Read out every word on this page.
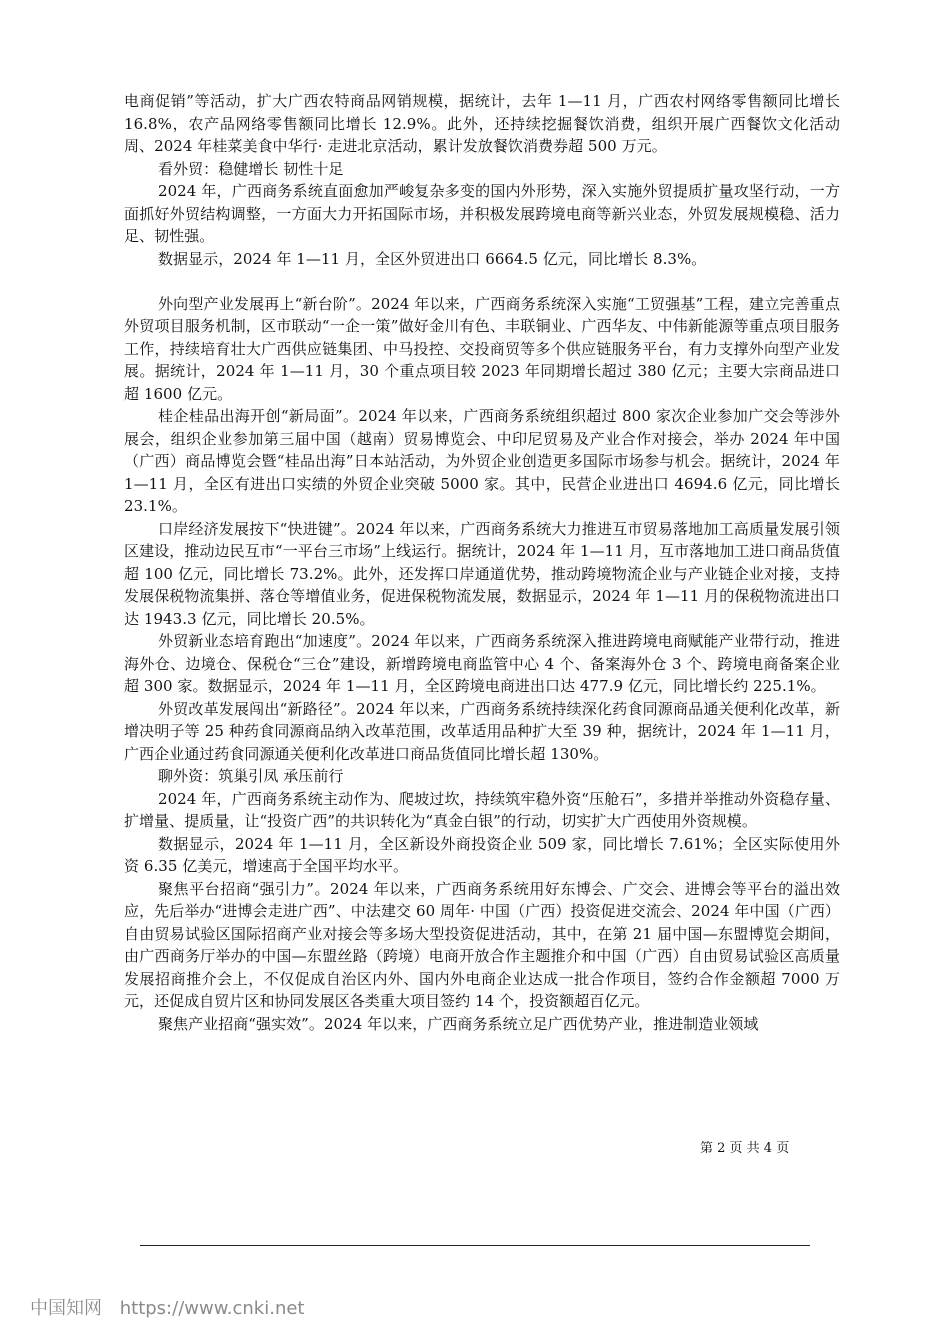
电商促销”等活动，扩大广西农特商品网销规模，据统计，去年 1—11 月，广西农村网络零售额同比增长 16.8%，农产品网络零售额同比增长 12.9%。此外，还持续挖掘餐饮消费，组织开展广西餐饮文化活动周、2024 年桂菜美食中华行· 走进北京活动，累计发放餐饮消费券超 500 万元。

看外贸：稳健增长 韧性十足

2024 年，广西商务系统直面愈加严峻复杂多变的国内外形势，深入实施外贸提质扩量攻坚行动，一方面抓好外贸结构调整，一方面大力开拓国际市场，并积极发展跨境电商等新兴业态，外贸发展规模稳、活力足、韧性强。

数据显示，2024 年 1—11 月，全区外贸进出口 6664.5 亿元，同比增长 8.3%。

外向型产业发展再上“新台阶”。2024 年以来，广西商务系统深入实施“工贸强基”工程，建立完善重点外贸项目服务机制，区市联动“一企一策”做好金川有色、丰联铜业、广西华友、中伟新能源等重点项目服务工作，持续培育壮大广西供应链集团、中马投控、交投商贸等多个供应链服务平台，有力支撑外向型产业发展。据统计，2024 年 1—11 月，30 个重点项目较 2023 年同期增长超过 380 亿元；主要大宗商品进口超 1600 亿元。

桂企桂品出海开创“新局面”。2024 年以来，广西商务系统组织超过 800 家次企业参加广交会等涉外展会，组织企业参加第三届中国（越南）贸易博览会、中印尼贸易及产业合作对接会，举办 2024 年中国（广西）商品博览会暨“桂品出海”日本站活动，为外贸企业创造更多国际市场参与机会。据统计，2024 年 1—11 月，全区有进出口实绩的外贸企业突破 5000 家。其中，民营企业进出口 4694.6 亿元，同比增长 23.1%。

口岸经济发展按下“快进键”。2024 年以来，广西商务系统大力推进互市贸易落地加工高质量发展引领区建设，推动边民互市“一平台三市场”上线运行。据统计，2024 年 1—11 月，互市落地加工进口商品货值超 100 亿元，同比增长 73.2%。此外，还发挥口岸通道优势，推动跨境物流企业与产业链企业对接，支持发展保税物流集拼、落仓等增值业务，促进保税物流发展，数据显示，2024 年 1—11 月的保税物流进出口达 1943.3 亿元，同比增长 20.5%。

外贸新业态培育跑出“加速度”。2024 年以来，广西商务系统深入推进跨境电商赋能产业带行动，推进海外仓、边境仓、保税仓“三仓”建设，新增跨境电商监管中心 4 个、备案海外仓 3 个、跨境电商备案企业超 300 家。数据显示，2024 年 1—11 月，全区跨境电商进出口达 477.9 亿元，同比增长约 225.1%。

外贸改革发展闯出“新路径”。2024 年以来，广西商务系统持续深化药食同源商品通关便利化改革，新增决明子等 25 种药食同源商品纳入改革范围，改革适用品种扩大至 39 种，据统计，2024 年 1—11 月，广西企业通过药食同源通关便利化改革进口商品货值同比增长超 130%。

聊外资：筑巢引凤 承压前行

2024 年，广西商务系统主动作为、爬坡过坎，持续筑牢稳外资“压舱石”，多措并举推动外资稳存量、扩增量、提质量，让“投资广西”的共识转化为“真金白银”的行动，切实扩大广西使用外资规模。

数据显示，2024 年 1—11 月，全区新设外商投资企业 509 家，同比增长 7.61%；全区实际使用外资 6.35 亿美元，增速高于全国平均水平。

聚焦平台招商“强引力”。2024 年以来，广西商务系统用好东博会、广交会、进博会等平台的溢出效应，先后举办“进博会走进广西”、中法建交 60 周年· 中国（广西）投资促进交流会、2024 年中国（广西）自由贸易试验区国际招商产业对接会等多场大型投资促进活动，其中，在第 21 届中国—东盟博览会期间，由广西商务厅举办的中国—东盟丝路（跨境）电商开放合作主题推介和中国（广西）自由贸易试验区高质量发展招商推介会上，不仅促成自治区内外、国内外电商企业达成一批合作项目，签约合作金额超 7000 万元，还促成自贸片区和协同发展区各类重大项目签约 14 个，投资额超百亿元。

聚焦产业招商“强实效”。2024 年以来，广西商务系统立足广西优势产业，推进制造业领域

第 2 页 共 4 页
中国知网 https://www.cnki.net
